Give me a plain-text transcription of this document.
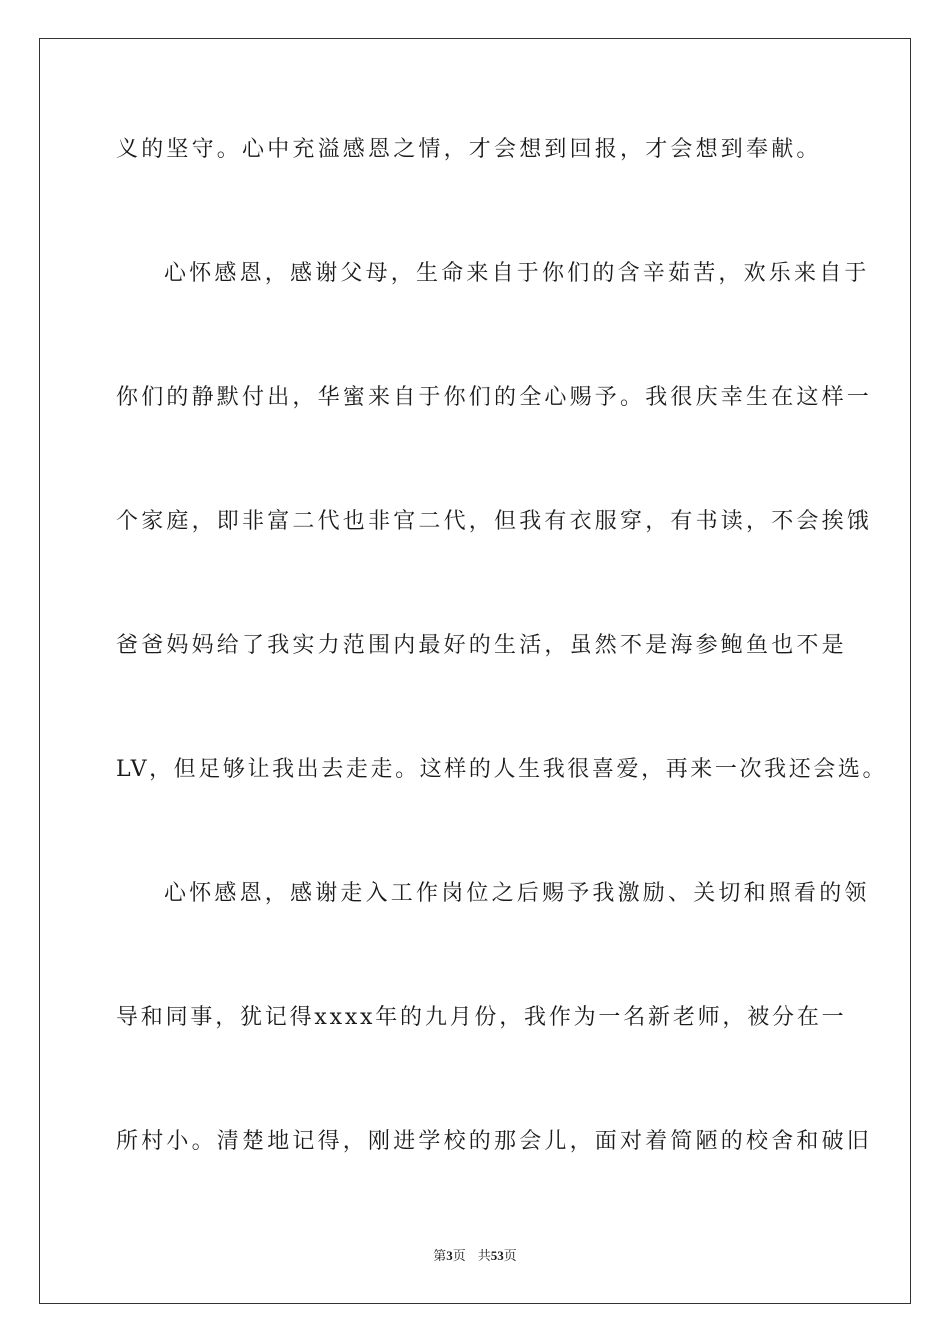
义的坚守。心中充溢感恩之情，才会想到回报，才会想到奉献。
心怀感恩，感谢父母，生命来自于你们的含辛茹苦，欢乐来自于
你们的静默付出，华蜜来自于你们的全心赐予。我很庆幸生在这样一
个家庭，即非富二代也非官二代，但我有衣服穿，有书读，不会挨饿
爸爸妈妈给了我实力范围内最好的生活，虽然不是海参鲍鱼也不是
LV，但足够让我出去走走。这样的人生我很喜爱，再来一次我还会选。
心怀感恩，感谢走入工作岗位之后赐予我激励、关切和照看的领
导和同事，犹记得xxxx年的九月份，我作为一名新老师，被分在一
所村小。清楚地记得，刚进学校的那会儿，面对着简陋的校舍和破旧
第3页 共53页
